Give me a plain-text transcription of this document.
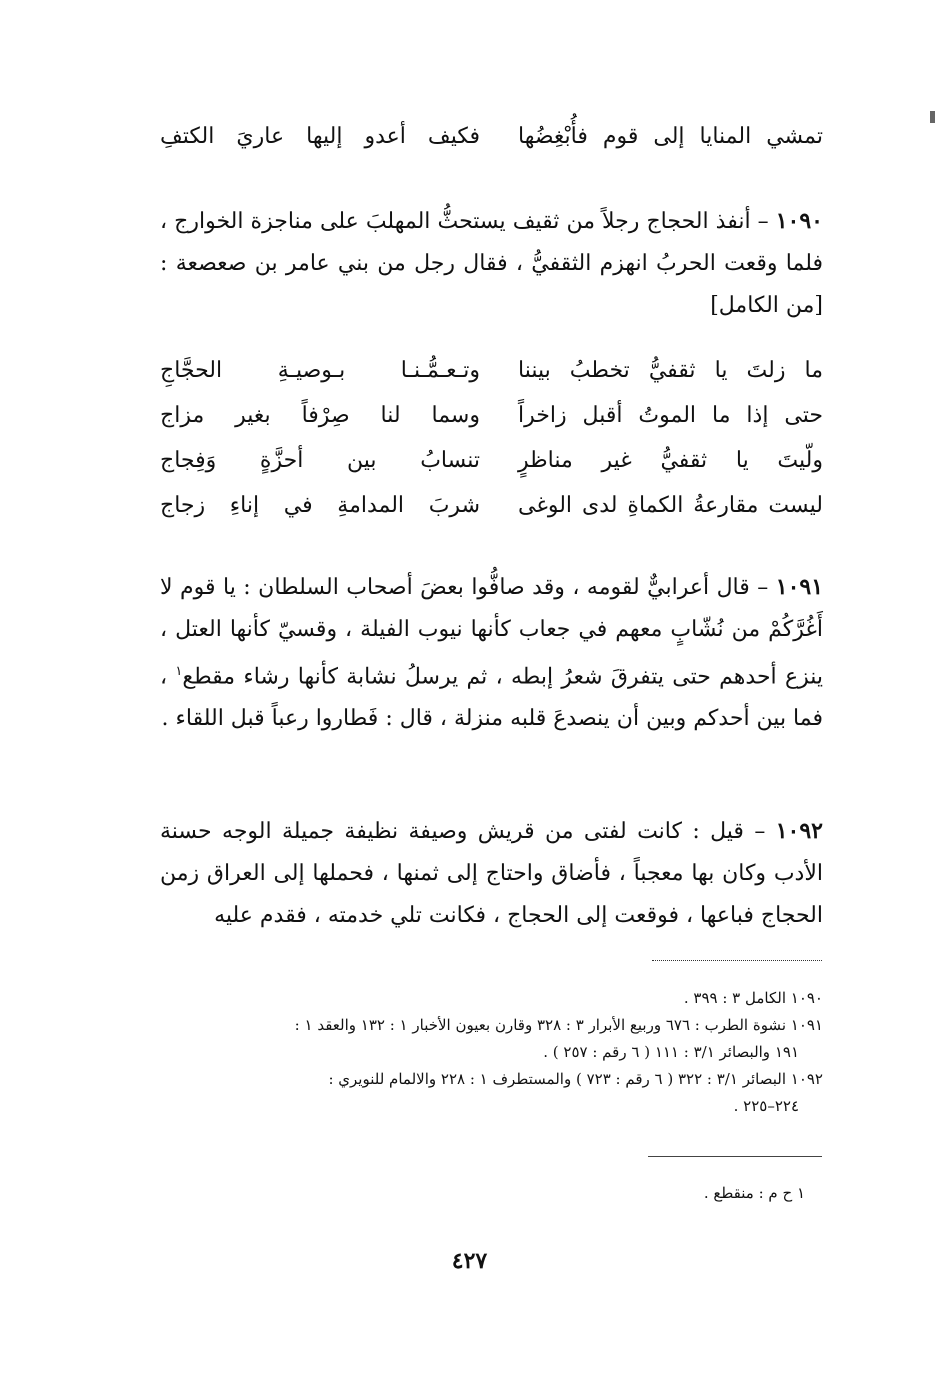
تمشي المنايا إلى قوم فأُبْغِضُها
فكيف أعدو إليها عاريَ الكتفِ
١٠٩٠ – أنفذ الحجاج رجلاً من ثقيف يستحثُّ المهلبَ على مناجزة الخوارج ، فلما وقعت الحربُ انهزم الثقفيُّ ، فقال رجل من بني عامر بن صعصعة : [من الكامل]
ما زلتَ يا ثقفيُّ تخطبُ بيننا
وتـعـمُّـنـا بـوصيـةِ الحجَّاجِ
حتى إذا ما الموتُ أقبل زاخراً
وسما لنا صِرْفاً بغير مزاج
ولّيتَ يا ثقفيُّ غير مناظرٍ
تنسابُ بين أحزَّةٍ وَفِجاج
ليست مقارعةُ الكماةِ لدى الوغى
شربَ المدامةِ في إناءِ زجاج
١٠٩١ – قال أعرابيٌّ لقومه ، وقد صافُّوا بعضَ أصحاب السلطان : يا قوم لا أَغُرَّكُمْ من نُشّابٍ معهم في جعاب كأنها نيوب الفيلة ، وقسيّ كأنها العتل ، ينزع أحدهم حتى يتفرقَ شعرُ إبطه ، ثم يرسلُ نشابة كأنها رشاء مقطع$^١$ ، فما بين أحدكم وبين أن ينصدعَ قلبه منزلة ، قال : فَطاروا رعباً قبل اللقاء .
١٠٩٢ – قيل : كانت لفتى من قريش وصيفة نظيفة جميلة الوجه حسنة الأدب وكان بها معجباً ، فأضاق واحتاج إلى ثمنها ، فحملها إلى العراق زمن الحجاج فباعها ، فوقعت إلى الحجاج ، فكانت تلي خدمته ، فقدم عليه
١٠٩٠ الكامل ٣ : ٣٩٩ .
١٠٩١ نشوة الطرب : ٦٧٦ وربيع الأبرار ٣ : ٣٢٨ وقارن بعيون الأخبار ١ : ١٣٢ والعقد ١ :
١٩١ والبصائر ٣/١ : ١١١ ( ٦ رقم : ٢٥٧ ) .
١٠٩٢ البصائر ٣/١ : ٣٢٢ ( ٦ رقم : ٧٢٣ ) والمستطرف ١ : ٢٢٨ والالمام للنويري :
٢٢٤–٢٢٥ .
١ ح م : منقطع .
٤٢٧
